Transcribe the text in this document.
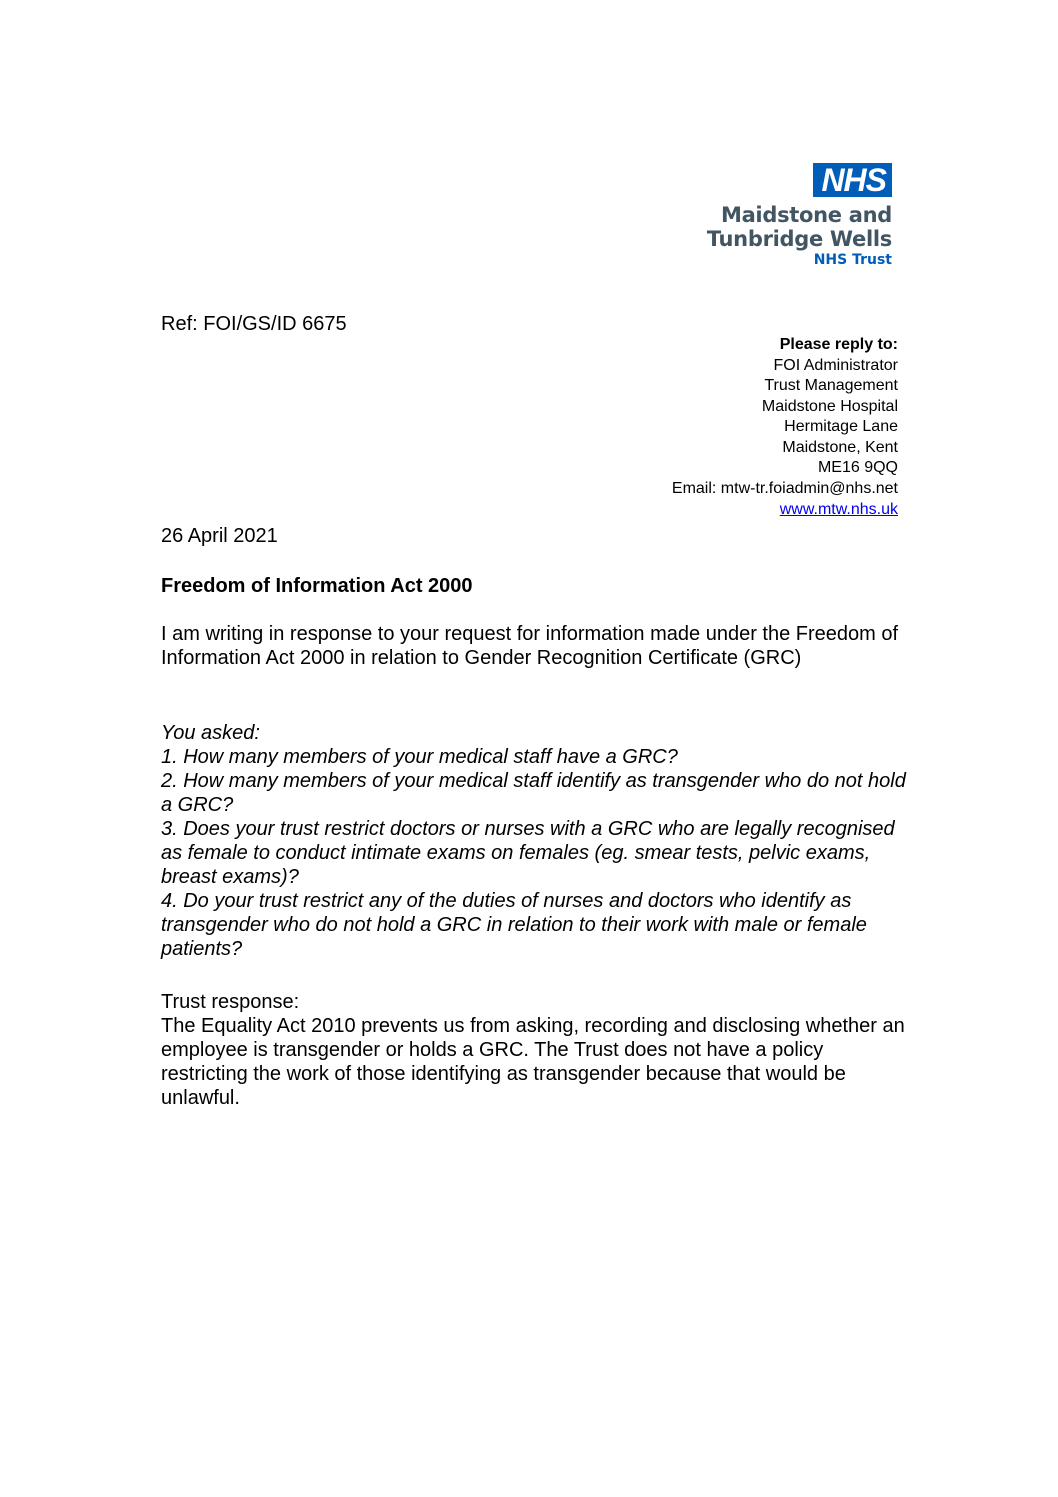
NHS
Maidstone and
Tunbridge Wells
NHS Trust
Ref: FOI/GS/ID 6675
Please reply to:
FOI Administrator
Trust Management
Maidstone Hospital
Hermitage Lane
Maidstone, Kent
ME16 9QQ
Email: mtw-tr.foiadmin@nhs.net
www.mtw.nhs.uk
26 April 2021
Freedom of Information Act 2000
I am writing in response to your request for information made under the Freedom of Information Act 2000 in relation to Gender Recognition Certificate (GRC)

You asked:

1. How many members of your medical staff have a GRC?

2. How many members of your medical staff identify as transgender who do not hold a GRC?

3. Does your trust restrict doctors or nurses with a GRC who are legally recognised as female to conduct intimate exams on females (eg. smear tests, pelvic exams, breast exams)?

4. Do your trust restrict any of the duties of nurses and doctors who identify as transgender who do not hold a GRC in relation to their work with male or female patients?

Trust response:

The Equality Act 2010 prevents us from asking, recording and disclosing whether an employee is transgender or holds a GRC. The Trust does not have a policy restricting the work of those identifying as transgender because that would be unlawful.
